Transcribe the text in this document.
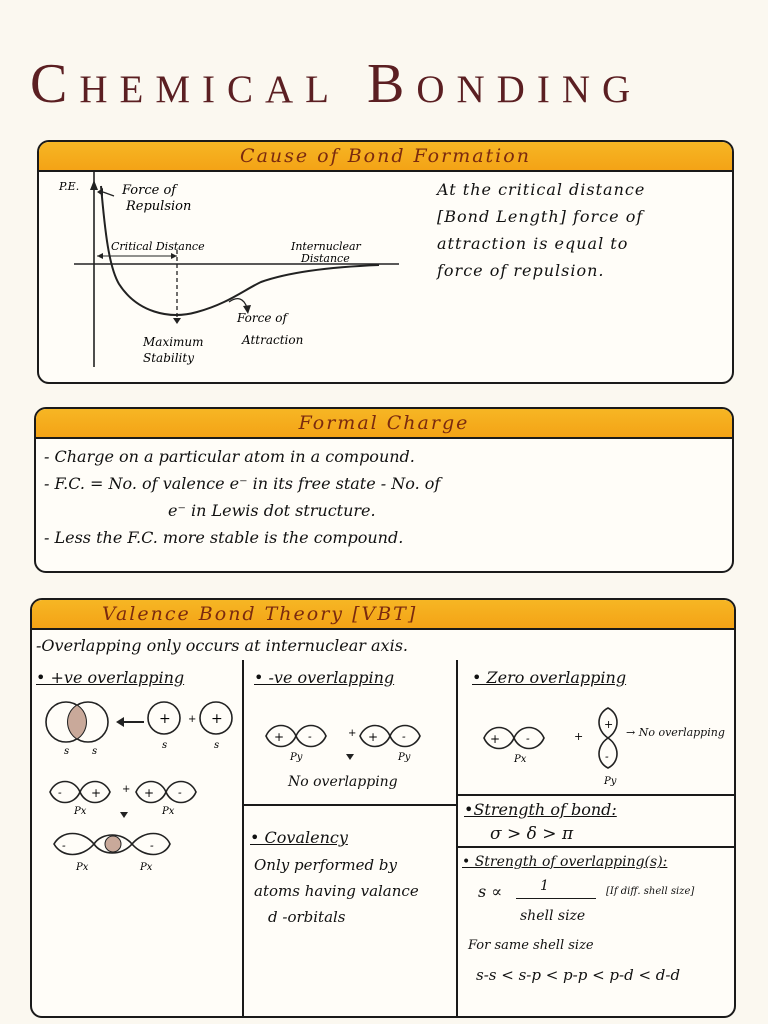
Chemical Bonding
Cause of Bond Formation
P.E.	Force of Repulsion
Critical Distance	Internuclear Distance
Force of Attraction
Maximum Stability
At the critical distance
[Bond Length] force of
attraction is equal to
force of repulsion.
Formal Charge
- Charge on a particular atom in a compound.
- F.C. = No. of valence e⁻ in its free state - No. of
e⁻ in Lewis dot structure.
- Less the F.C. more stable is the compound.
Valence Bond Theory [VBT]
-Overlapping only occurs at internuclear axis.
• +ve overlapping
+ + +
s s
s	s
- + + + -
Px	Px
-	-
Px	Px
• -ve overlapping
+ -	+ + -
Py	Py
No overlapping
• Zero overlapping
+ -	+
+
-
Px
Py
→ No overlapping
• Covalency
Only performed by
atoms having valance
d -orbitals
•Strength of bond:
σ > δ > π
• Strength of overlapping(s):
s ∝	1
shell size
[If diff. shell size]
For same shell size
s-s < s-p < p-p < p-d < d-d
